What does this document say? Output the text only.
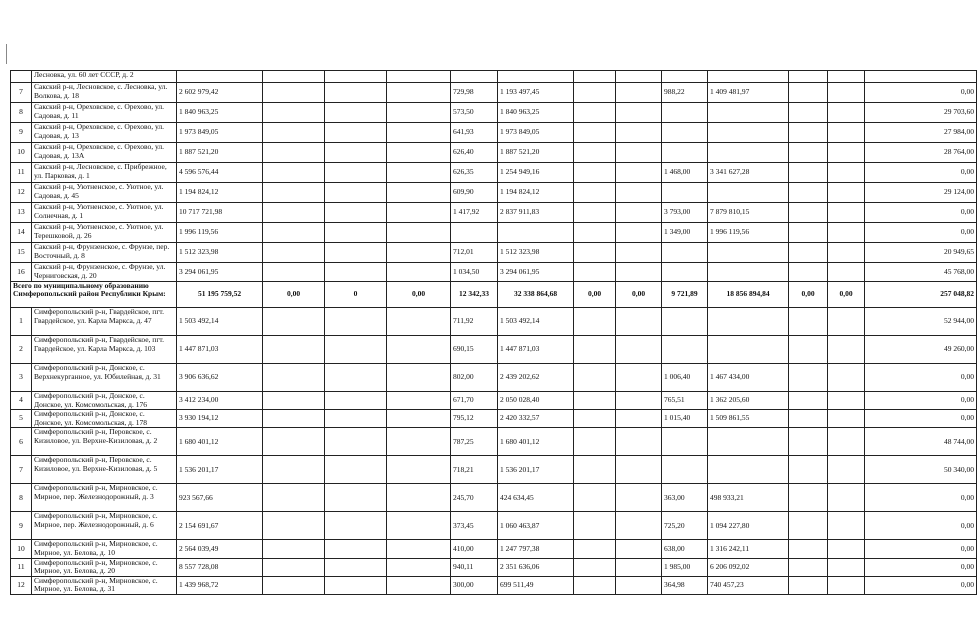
	Лесновка, ул. 60 лет СССР, д. 2													
7	Сакский р-н, Лесновское, с. Лесновка, ул. Волкова, д. 18	2 602 979,42				729,98	1 193 497,45			988,22	1 409 481,97			0,00
8	Сакский р-н, Ореховское, с. Орехово, ул. Садовая, д. 11	1 840 963,25				573,50	1 840 963,25							29 703,60
9	Сакский р-н, Ореховское, с. Орехово, ул. Садовая, д. 13	1 973 849,05				641,93	1 973 849,05							27 984,00
10	Сакский р-н, Ореховское, с. Орехово, ул. Садовая, д. 13А	1 887 521,20				626,40	1 887 521,20							28 764,00
11	Сакский р-н, Лесновское, с. Прибрежное, ул. Парковая, д. 1	4 596 576,44				626,35	1 254 949,16			1 468,00	3 341 627,28			0,00
12	Сакский р-н, Уютненское, с. Уютное, ул. Садовая, д. 45	1 194 824,12				609,90	1 194 824,12							29 124,00
13	Сакский р-н, Уютненское, с. Уютное, ул. Солнечная, д. 1	10 717 721,98				1 417,92	2 837 911,83			3 793,00	7 879 810,15			0,00
14	Сакский р-н, Уютненское, с. Уютное, ул. Терешковой, д. 26	1 996 119,56								1 349,00	1 996 119,56			0,00
15	Сакский р-н, Фрунзенское, с. Фрунзе, пер. Восточный, д. 8	1 512 323,98				712,01	1 512 323,98							20 949,65
16	Сакский р-н, Фрунзенское, с. Фрунзе, ул. Черниговская, д. 20	3 294 061,95				1 034,50	3 294 061,95							45 768,00
Всего по муниципальному образованию Симферопольский район Республики Крым:		51 195 759,52	0,00	0	0,00	12 342,33	32 338 864,68	0,00	0,00	9 721,89	18 856 894,84	0,00	0,00	257 048,82
1	Симферопольский р-н, Гвардейское, пгт. Гвардейское, ул. Карла Маркса, д. 47	1 503 492,14				711,92	1 503 492,14							52 944,00
2	Симферопольский р-н, Гвардейское, пгт. Гвардейское, ул. Карла Маркса, д. 103	1 447 871,03				690,15	1 447 871,03							49 260,00
3	Симферопольский р-н, Донское, с. Верхнекурганное, ул. Юбилейная, д. 31	3 906 636,62				802,00	2 439 202,62			1 006,40	1 467 434,00			0,00
4	Симферопольский р-н, Донское, с. Донское, ул. Комсомольская, д. 176	3 412 234,00				671,70	2 050 028,40			765,51	1 362 205,60			0,00
5	Симферопольский р-н, Донское, с. Донское, ул. Комсомольская, д. 178	3 930 194,12				795,12	2 420 332,57			1 015,40	1 509 861,55			0,00
6	Симферопольский р-н, Перовское, с. Кизиловое, ул. Верхне-Кизиловая, д. 2	1 680 401,12				787,25	1 680 401,12							48 744,00
7	Симферопольский р-н, Перовское, с. Кизиловое, ул. Верхне-Кизиловая, д. 5	1 536 201,17				718,21	1 536 201,17							50 340,00
8	Симферопольский р-н, Мирновское, с. Мирное, пер. Железнодорожный, д. 3	923 567,66				245,70	424 634,45			363,00	498 933,21			0,00
9	Симферопольский р-н, Мирновское, с. Мирное, пер. Железнодорожный, д. 6	2 154 691,67				373,45	1 060 463,87			725,20	1 094 227,80			0,00
10	Симферопольский р-н, Мирновское, с. Мирное, ул. Белова, д. 10	2 564 039,49				410,00	1 247 797,38			638,00	1 316 242,11			0,00
11	Симферопольский р-н, Мирновское, с. Мирное, ул. Белова, д. 20	8 557 728,08				940,11	2 351 636,06			1 985,00	6 206 092,02			0,00
12	Симферопольский р-н, Мирновское, с. Мирное, ул. Белова, д. 31	1 439 968,72				300,00	699 511,49			364,98	740 457,23			0,00
